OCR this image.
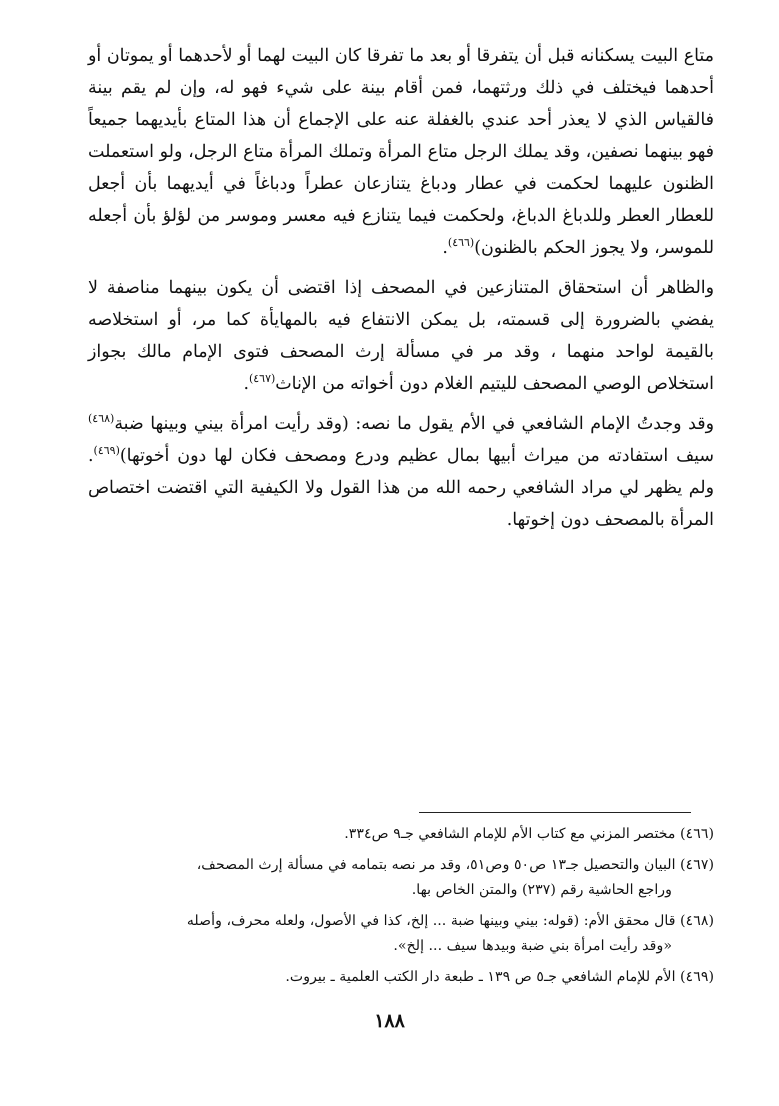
متاع البيت يسكنانه قبل أن يتفرقا أو بعد ما تفرقا كان البيت لهما أو لأحدهما أو يموتان أو أحدهما فيختلف في ذلك ورثتهما، فمن أقام بينة على شيء فهو له، وإن لم يقم بينة فالقياس الذي لا يعذر أحد عندي بالغفلة عنه على الإجماع أن هذا المتاع بأيديهما جميعاً فهو بينهما نصفين، وقد يملك الرجل متاع المرأة وتملك المرأة متاع الرجل، ولو استعملت الظنون عليهما لحكمت في عطار ودباغ يتنازعان عطراً ودباغاً في أيديهما بأن أجعل للعطار العطر وللدباغ الدباغ، ولحكمت فيما يتنازع فيه معسر وموسر من لؤلؤ بأن أجعله للموسر، ولا يجوز الحكم بالظنون)$^{(٤٦٦)}$.

والظاهر أن استحقاق المتنازعين في المصحف إذا اقتضى أن يكون بينهما مناصفة لا يفضي بالضرورة إلى قسمته، بل يمكن الانتفاع فيه بالمهايأة كما مر، أو استخلاصه بالقيمة لواحد منهما ، وقد مر في مسألة إرث المصحف فتوى الإمام مالك بجواز استخلاص الوصي المصحف لليتيم الغلام دون أخواته من الإناث$^{(٤٦٧)}$.

وقد وجدتُ الإمام الشافعي في الأم يقول ما نصه: (وقد رأيت امرأة بيني وبينها ضبة$^{(٤٦٨)}$ سيف استفادته من ميراث أبيها بمال عظيم ودرع ومصحف فكان لها دون أخوتها)$^{(٤٦٩)}$. ولم يظهر لي مراد الشافعي رحمه الله من هذا القول ولا الكيفية التي اقتضت اختصاص المرأة بالمصحف دون إخوتها.

(٤٦٦) مختصر المزني مع كتاب الأم للإمام الشافعي جـ٩ ص٣٣٤.

(٤٦٧) البيان والتحصيل جـ١٣ ص٥٠ وص٥١، وقد مر نصه بتمامه في مسألة إرث المصحف،
وراجع الحاشية رقم (٢٣٧) والمتن الخاص بها.

(٤٦٨) قال محقق الأم: (قوله: بيني وبينها ضبة ... إلخ، كذا في الأصول، ولعله محرف، وأصله
«وقد رأيت امرأة بني ضبة وبيدها سيف ... إلخ».

(٤٦٩) الأم للإمام الشافعي جـ٥ ص ١٣٩ ـ طبعة دار الكتب العلمية ـ بيروت.

١٨٨
